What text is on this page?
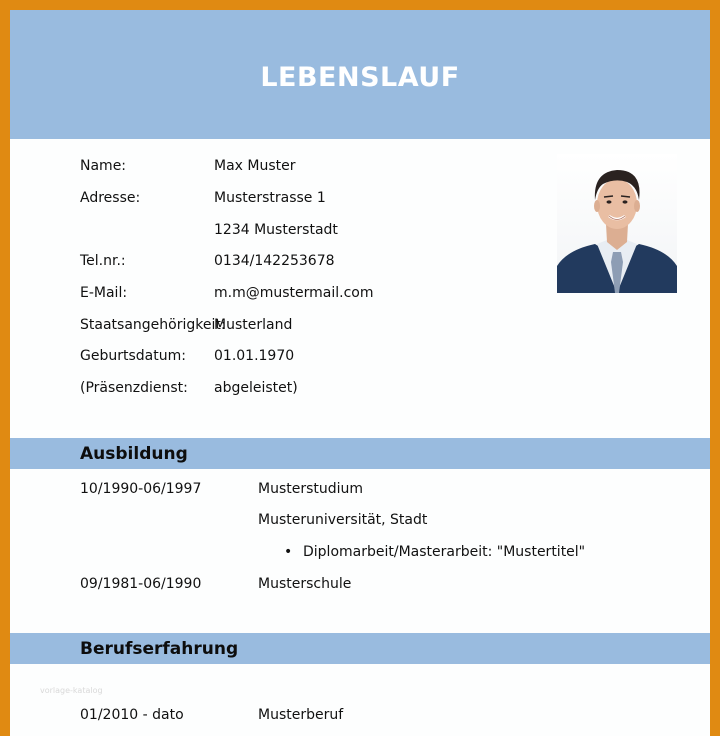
LEBENSLAUF
Name:	Max Muster
Adresse:	Musterstrasse 1
1234 Musterstadt
Tel.nr.:	0134/142253678
E-Mail:	m.m@mustermail.com
Staatsangehörigkeit:
Musterland
Geburtsdatum: 01.01.1970
(Präsenzdienst: abgeleistet)
Ausbildung
10/1990-06/1997	Musterstudium
Musteruniversität, Stadt
• Diplomarbeit/Masterarbeit: "Mustertitel"
09/1981-06/1990	Musterschule
Berufserfahrung
01/2010 - dato	Musterberuf
vorlage-katalog
